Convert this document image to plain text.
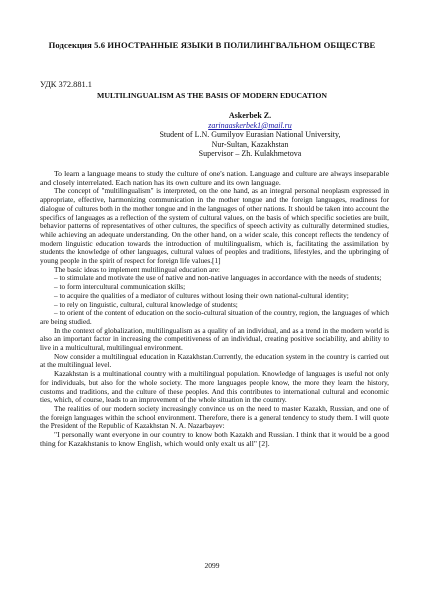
Подсекция 5.6 ИНОСТРАННЫЕ ЯЗЫКИ В ПОЛИЛИНГВАЛЬНОМ ОБЩЕСТВЕ
УДК 372.881.1
MULTILINGUALISM AS THE BASIS OF MODERN EDUCATION
Askerbek Z.
zarinaaskerbek1@mail.ru
Student of L.N. Gumilyov Eurasian National University,
Nur-Sultan, Kazakhstan
Supervisor – Zh. Kulakhmetova

To learn a language means to study the culture of one's nation. Language and culture are always inseparable and closely interrelated. Each nation has its own culture and its own language.

The concept of "multilingualism" is interpreted, on the one hand, as an integral personal neoplasm expressed in appropriate, effective, harmonizing communication in the mother tongue and the foreign languages, readiness for dialogue of cultures both in the mother tongue and in the languages of other nations. It should be taken into account the specifics of languages as a reflection of the system of cultural values, on the basis of which specific societies are built, behavior patterns of representatives of other cultures, the specifics of speech activity as culturally determined studies, while achieving an adequate understanding. On the other hand, on a wider scale, this concept reflects the tendency of modern linguistic education towards the introduction of multilingualism, which is, facilitating the assimilation by students the knowledge of other languages, cultural values of peoples and traditions, lifestyles, and the upbringing of young people in the spirit of respect for foreign life values.[1]

The basic ideas to implement multilingual education are:

– to stimulate and motivate the use of native and non-native languages in accordance with the needs of students;

– to form intercultural communication skills;

– to acquire the qualities of a mediator of cultures without losing their own national-cultural identity;

– to rely on linguistic, cultural, cultural knowledge of students;

– to orient of the content of education on the socio-cultural situation of the country, region, the languages of which are being studied.

In the context of globalization, multilingualism as a quality of an individual, and as a trend in the modern world is also an important factor in increasing the competitiveness of an individual, creating positive sociability, and ability to live in a multicultural, multilingual environment.

Now consider a multilingual education in Kazakhstan.Currently, the education system in the country is carried out at the multilingual level.

Kazakhstan is a multinational country with a multilingual population. Knowledge of languages is useful not only for individuals, but also for the whole society. The more languages people know, the more they learn the history, customs and traditions, and the culture of these peoples. And this contributes to international cultural and economic ties, which, of course, leads to an improvement of the whole situation in the country.

The realities of our modern society increasingly convince us on the need to master Kazakh, Russian, and one of the foreign languages within the school environment. Therefore, there is a general tendency to study them. I will quote the President of the Republic of Kazakhstan N. A. Nazarbayev:

"I personally want everyone in our country to know both Kazakh and Russian. I think that it would be a good thing for Kazakhstanis to know English, which would only exalt us all" [2].

2099
